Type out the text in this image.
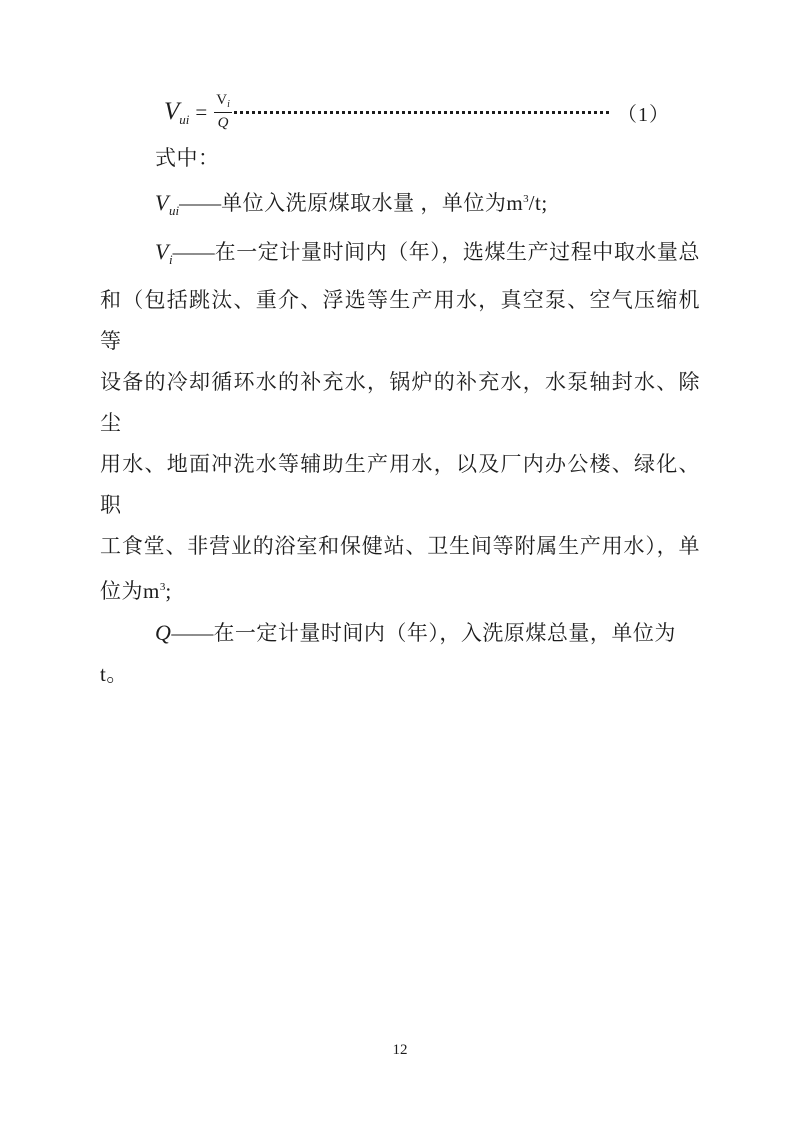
$V_{ui} = \frac{V_i}{Q}$	（1）

式中：

$V_{ui}——$单位入洗原煤取水量 ，单位为$m^3/t$;

$V_i——$在一定计量时间内（年），选煤生产过程中取水量总

和（包括跳汰、重介、浮选等生产用水，真空泵、空气压缩机等

设备的冷却循环水的补充水，锅炉的补充水，水泵轴封水、除尘

用水、地面冲洗水等辅助生产用水，以及厂内办公楼、绿化、职

工食堂、非营业的浴室和保健站、卫生间等附属生产用水），单

位为$m^3$;

Q——在一定计量时间内（年），入洗原煤总量，单位为t。

12
